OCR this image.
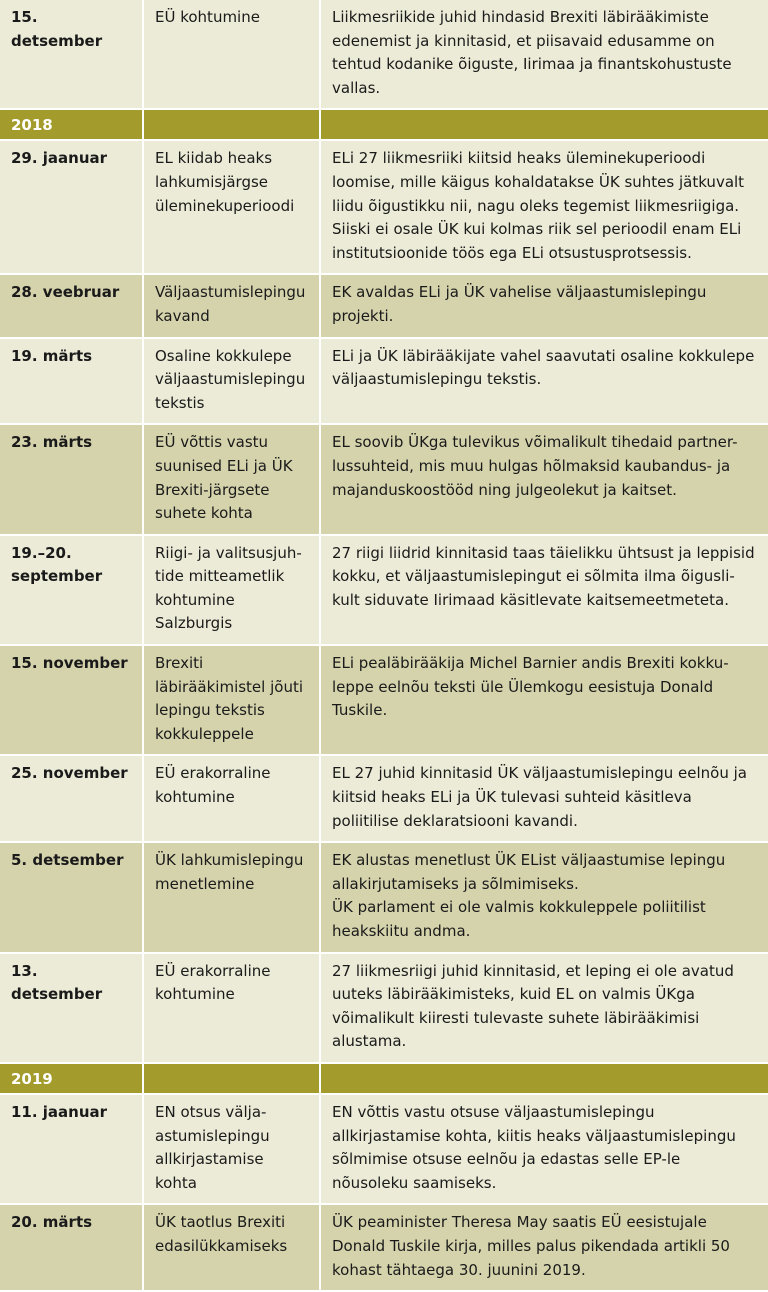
15. detsember	EÜ kohtumine	Liikmesriikide juhid hindasid Brexiti läbirääkimiste edenemist ja kinnitasid, et piisavaid edusamme on tehtud kodanike õiguste, Iirimaa ja finantskohustuste vallas.
2018		
29. jaanuar	EL kiidab heaks lahkumisjärgse üleminekuperioodi	ELi 27 liikmesriiki kiitsid heaks üleminekuperioodi loomise, mille käigus kohaldatakse ÜK suhtes jätkuvalt liidu õigustikku nii, nagu oleks tegemist liikmesriigiga. Siiski ei osale ÜK kui kolmas riik sel perioodil enam ELi institutsioonide töös ega ELi otsustusprotsessis.
28. veebruar	Väljaastumislepingu kavand	EK avaldas ELi ja ÜK vahelise väljaastumislepingu projekti.
19. märts	Osaline kokkulepe väljaastumislepingu tekstis	ELi ja ÜK läbirääkijate vahel saavutati osaline kokkulepe väljaastumislepingu tekstis.
23. märts	EÜ võttis vastu suunised ELi ja ÜK Brexiti-järgsete suhete kohta	EL soovib ÜKga tulevikus võimalikult tihedaid partner-lussuhteid, mis muu hulgas hõlmaksid kaubandus- ja majanduskoostööd ning julgeolekut ja kaitset.
19.–20. september	Riigi- ja valitsusjuh-tide mitteametlik kohtumine Salzburgis	27 riigi liidrid kinnitasid taas täielikku ühtsust ja leppisid kokku, et väljaastumislepingut ei sõlmita ilma õigusli-kult siduvate Iirimaad käsitlevate kaitsemeetmeteta.
15. november	Brexiti läbirääkimistel jõuti lepingu tekstis kokkuleppele	ELi pealäbirääkija Michel Barnier andis Brexiti kokku-leppe eelnõu teksti üle Ülemkogu eesistuja Donald Tuskile.
25. november	EÜ erakorraline kohtumine	EL 27 juhid kinnitasid ÜK väljaastumislepingu eelnõu ja kiitsid heaks ELi ja ÜK tulevasi suhteid käsitleva poliitilise deklaratsiooni kavandi.
5. detsember	ÜK lahkumislepingu menetlemine	EK alustas menetlust ÜK EList väljaastumise lepingu allakirjutamiseks ja sõlmimiseks.
ÜK parlament ei ole valmis kokkuleppele poliitilist heakskiitu andma.

13. detsember	EÜ erakorraline kohtumine	27 liikmesriigi juhid kinnitasid, et leping ei ole avatud uuteks läbirääkimisteks, kuid EL on valmis ÜKga võimalikult kiiresti tulevaste suhete läbirääkimisi alustama.
2019		
11. jaanuar	EN otsus välja-astumislepingu allkirjastamise kohta	EN võttis vastu otsuse väljaastumislepingu allkirjastamise kohta, kiitis heaks väljaastumislepingu sõlmimise otsuse eelnõu ja edastas selle EP-le nõusoleku saamiseks.
20. märts	ÜK taotlus Brexiti edasilükkamiseks	ÜK peaminister Theresa May saatis EÜ eesistujale Donald Tuskile kirja, milles palus pikendada artikli 50 kohast tähtaega 30. juunini 2019.
